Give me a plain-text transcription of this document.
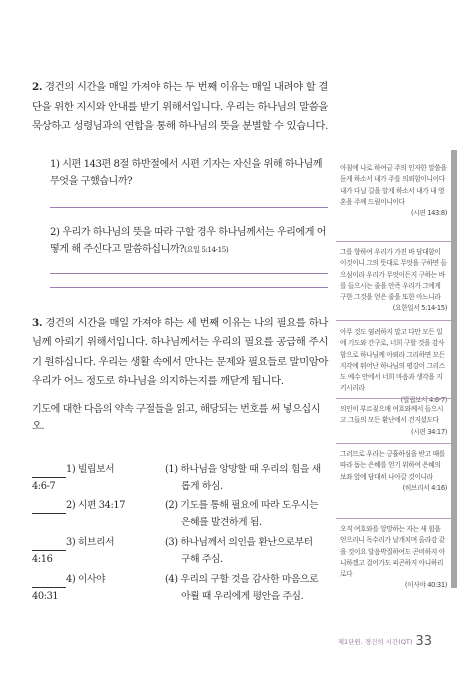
2. 경건의 시간을 매일 가져야 하는 두 번째 이유는 매일 내려야 할 결단을 위한 지시와 안내를 받기 위해서입니다. 우리는 하나님의 말씀을 묵상하고 성령님과의 연합을 통해 하나님의 뜻을 분별할 수 있습니다.

1) 시편 143편 8절 하반절에서 시편 기자는 자신을 위해 하나님께 무엇을 구했습니까?

2) 우리가 하나님의 뜻을 따라 구할 경우 하나님께서는 우리에게 어떻게 해 주신다고 말씀하십니까?(요일 5:14-15)

3. 경건의 시간을 매일 가져야 하는 세 번째 이유는 나의 필요를 하나님께 아뢰기 위해서입니다. 하나님께서는 우리의 필요를 공급해 주시기 원하십니다. 우리는 생활 속에서 만나는 문제와 필요들로 말미암아 우리가 어느 정도로 하나님을 의지하는지를 깨닫게 됩니다.

기도에 대한 다음의 약속 구절들을 읽고, 해당되는 번호를 써 넣으십시오.

1) 빌립보서 4:6-7
(1) 하나님을 앙망할 때 우리의 힘을 새
롭게 하심.
2) 시편 34:17	(2) 기도를 통해 필요에 따라 도우시는
은혜를 발견하게 됨.
3) 히브리서 4:16
(3) 하나님께서 의인을 환난으로부터
구해 주심.
4) 이사야 40:31
(4) 우리의 구할 것을 감사한 마음으로
아뢸 때 우리에게 평안을 주심.
아침에 나로 하여금 주의 인자한 말씀을 듣게 하소서 내가 주를 의뢰함이니이다 내가 다닐 길을 알게 하소서 내가 내 영혼을 주께 드림이니이다
(시편 143:8)
그를 향하여 우리가 가진 바 담대함이 이것이니 그의 뜻대로 무엇을 구하면 들으심이라 우리가 무엇이든지 구하는 바를 들으시는 줄을 안즉 우리가 그에게 구한 그것을 얻은 줄을 또한 아느니라
(요한일서 5:14-15)
아무 것도 염려하지 말고 다만 모든 일에 기도와 간구로, 너희 구할 것을 감사함으로 하나님께 아뢰라 그리하면 모든 지각에 뛰어난 하나님의 평강이 그리스도 예수 안에서 너희 마음과 생각을 지키시리라
(빌립보서 4:6-7)
의인이 부르짖으매 여호와께서 들으시고 그들의 모든 환난에서 건지셨도다
(시편 34:17)
그러므로 우리는 긍휼하심을 받고 때를 따라 돕는 은혜를 얻기 위하여 은혜의 보좌 앞에 담대히 나아갈 것이니라
(히브리서 4:16)
오직 여호와를 앙망하는 자는 새 힘을 얻으리니 독수리가 날개치며 올라감 같을 것이요 달음박질하여도 곤비하지 아니하겠고 걸어가도 피곤하지 아니하리로다
(이사야 40:31)
제1단원. 경건의 시간(QT) 33
